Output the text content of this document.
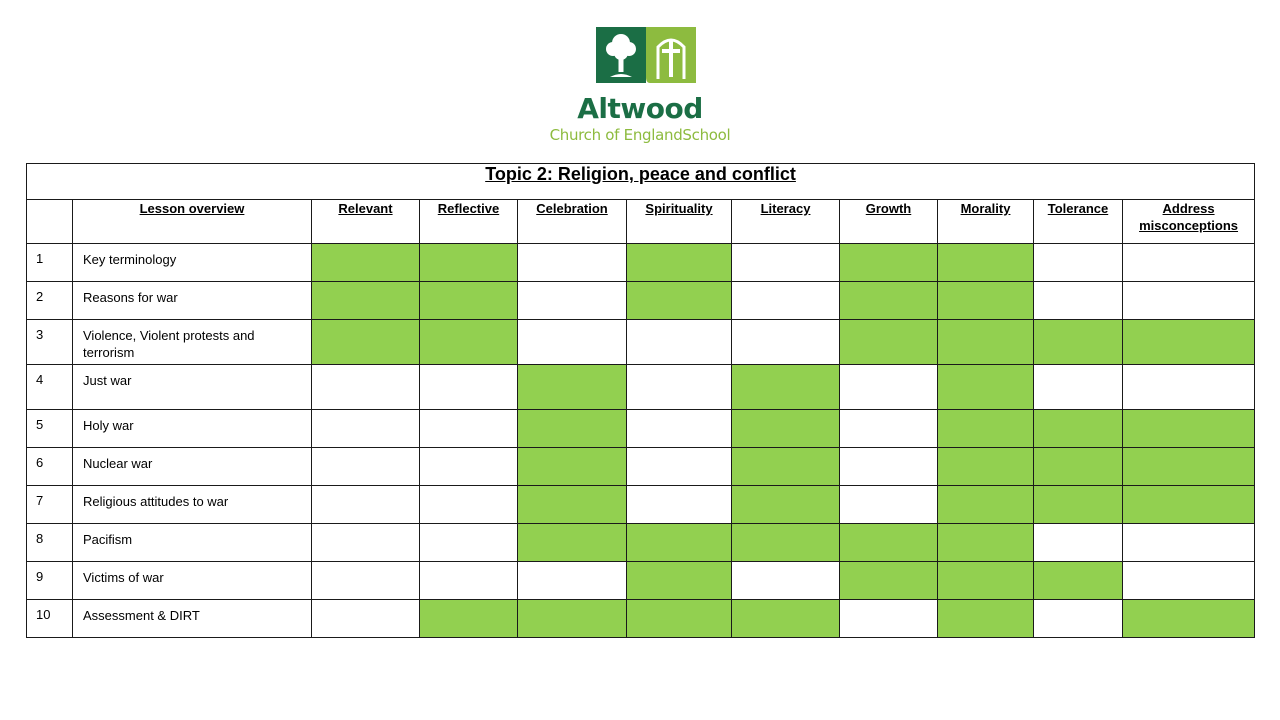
Altwood
Church of EnglandSchool
Topic 2: Religion, peace and conflict										
	Lesson overview	Relevant	Reflective	Celebration	Spirituality	Literacy	Growth	Morality	Tolerance	Address misconceptions
1	Key terminology									
2	Reasons for war									
3	Violence, Violent protests and terrorism									
4	Just war									
5	Holy war									
6	Nuclear war									
7	Religious attitudes to war									
8	Pacifism									
9	Victims of war									
10	Assessment & DIRT									
